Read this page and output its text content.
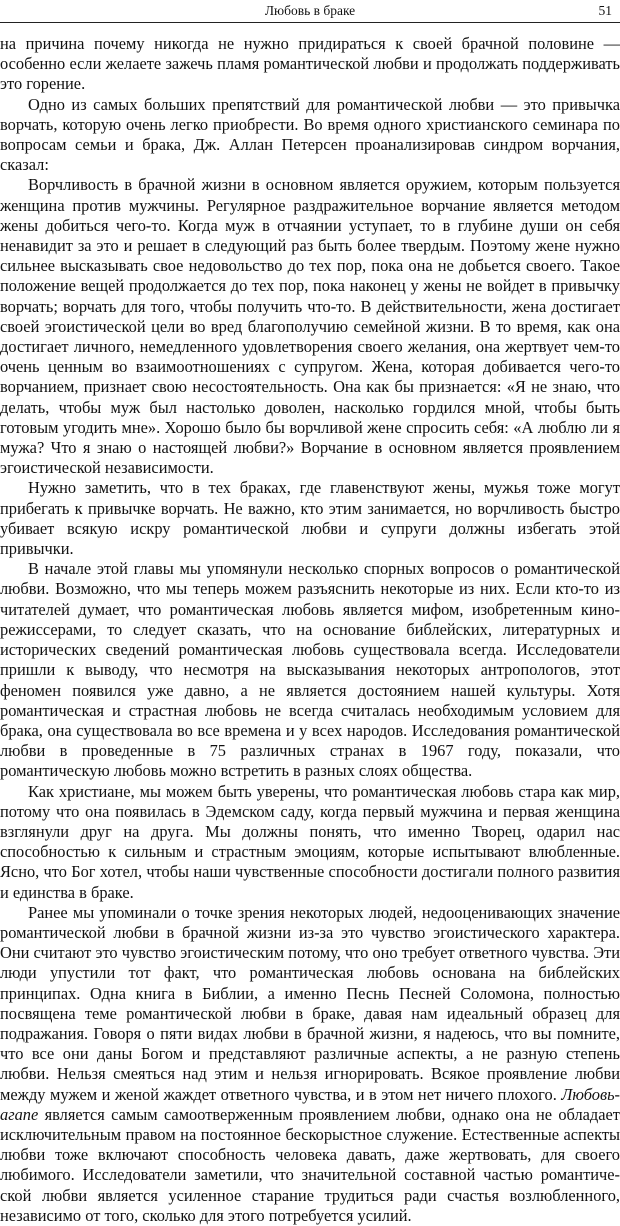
Любовь в браке	51

на причина почему никогда не нужно придираться к своей брачной половине — особенно если желаете зажечь пламя романтической любви и продолжать поддерживать это горение.

Одно из самых больших препятствий для романтической любви — это привычка ворчать, которую очень легко приобрести. Во время одного христианского семинара по вопросам семьи и брака, Дж. Аллан Петерсен проанализировав синдром ворчания, сказал:

Ворчливость в брачной жизни в основном является оружием, которым пользуется женщина против мужчины. Регулярное раздражительное ворчание является методом жены добиться чего-то. Когда муж в отчаянии уступает, то в глубине души он себя ненавидит за это и решает в следующий раз быть более твердым. Поэтому жене нужно сильнее высказывать свое недовольство до тех пор, пока она не добьется своего. Такое положение вещей продолжается до тех пор, пока наконец у жены не войдет в привычку ворчать; ворчать для того, чтобы получить что-то. В действительности, жена достигает своей эгоистической цели во вред благополучию семейной жизни. В то время, как она достигает личного, немедленного удовлетворения своего желания, она жертвует чем-то очень ценным во взаимоотношениях с супругом. Жена, которая добивается чего-то ворчанием, признает свою несостоятельность. Она как бы признается: «Я не знаю, что делать, чтобы муж был настолько доволен, насколько гордился мной, чтобы быть готовым угодить мне». Хорошо было бы ворчливой жене спросить себя: «А люблю ли я мужа? Что я знаю о настоящей любви?» Ворчание в основном является проявлением эгоистической независимости.

Нужно заметить, что в тех браках, где главенствуют жены, мужья тоже могут прибегать к привычке ворчать. Не важно, кто этим занимается, но ворчливость быстро убивает всякую искру романтической любви и супруги должны избегать этой привычки.

В начале этой главы мы упомянули несколько спорных вопросов о романтической любви. Возможно, что мы теперь можем разъяснить некоторые из них. Если кто-то из читателей думает, что романтическая любовь является мифом, изобретенным кино-режиссерами, то следует сказать, что на основание библейских, литературных и исторических сведений романтическая любовь существовала всегда. Исследователи пришли к выводу, что несмотря на высказывания некоторых антропологов, этот феномен появился уже давно, а не является достоянием нашей культуры. Хотя романтическая и страстная любовь не всегда считалась необходимым условием для брака, она существовала во все времена и у всех народов. Исследования романтической любви в проведенные в 75 различных странах в 1967 году, показали, что романтическую любовь можно встретить в разных слоях общества.

Как христиане, мы можем быть уверены, что романтическая любовь стара как мир, потому что она появилась в Эдемском саду, когда первый мужчина и первая женщина взглянули друг на друга. Мы должны понять, что именно Творец, одарил нас способностью к сильным и страстным эмоциям, которые испытывают влюбленные. Ясно, что Бог хотел, чтобы наши чувственные способности достигали полного развития и единства в браке.

Ранее мы упоминали о точке зрения некоторых людей, недооценивающих значение романтической любви в брачной жизни из-за это чувство эгоистического характера. Они считают это чувство эгоистическим потому, что оно требует ответного чувства. Эти люди упустили тот факт, что романтическая любовь основана на библейских принципах. Одна книга в Библии, а именно Песнь Песней Соломона, полностью посвящена теме романтической любви в браке, давая нам идеальный образец для подражания. Говоря о пяти видах любви в брачной жизни, я надеюсь, что вы помните, что все они даны Богом и представляют различные аспекты, а не разную степень любви. Нельзя смеяться над этим и нельзя игнорировать. Всякое проявление любви между мужем и женой жаждет ответного чувства, и в этом нет ничего плохого. Любовь-агапе является самым самоотверженным проявлением любви, однако она не обладает исключительным правом на постоянное бескорыстное служение. Естественные аспекты любви тоже включают способность человека давать, даже жертвовать, для своего любимого. Исследователи заметили, что значительной составной частью романтической любви является усиленное старание трудиться ради счастья возлюбленного, независимо от того, сколько для этого потребуется усилий.
